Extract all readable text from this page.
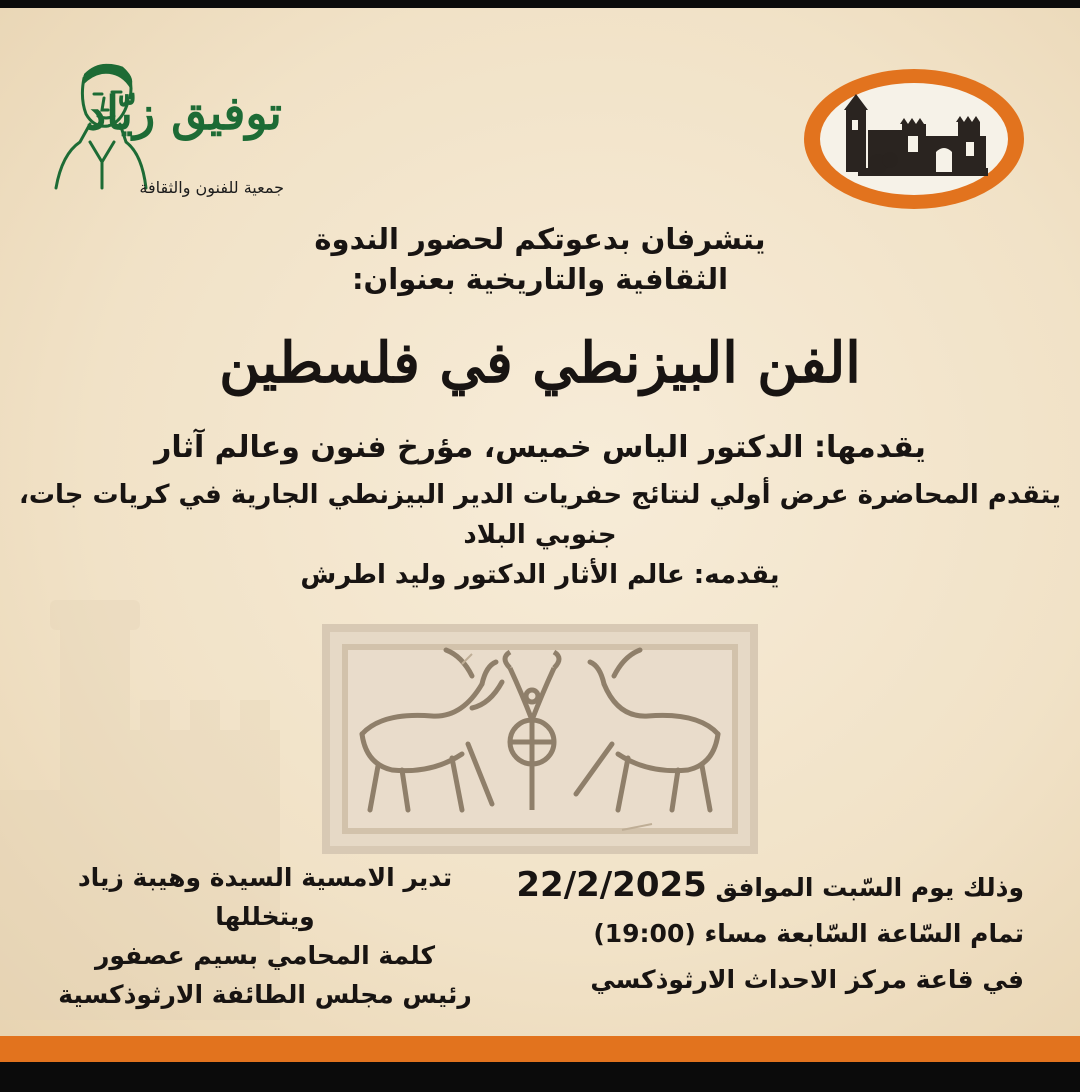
توفيق زيّاد
جمعية للفنون والثقافة
يتشرفان بدعوتكم لحضور الندوة
الثقافية والتاريخية بعنوان:
الفن البيزنطي في فلسطين
يقدمها: الدكتور الياس خميس، مؤرخ فنون وعالم آثار
يتقدم المحاضرة عرض أولي لنتائج حفريات الدير البيزنطي الجارية في كريات جات،
جنوبي البلاد
يقدمه: عالم الأثار الدكتور وليد اطرش
وذلك يوم السّبت الموافق 22/2/2025
تمام السّاعة السّابعة مساء (19:00)
في قاعة مركز الاحداث الارثوذكسي
تدير الامسية السيدة وهيبة زياد
ويتخللها
كلمة المحامي بسيم عصفور
رئيس مجلس الطائفة الارثوذكسية
